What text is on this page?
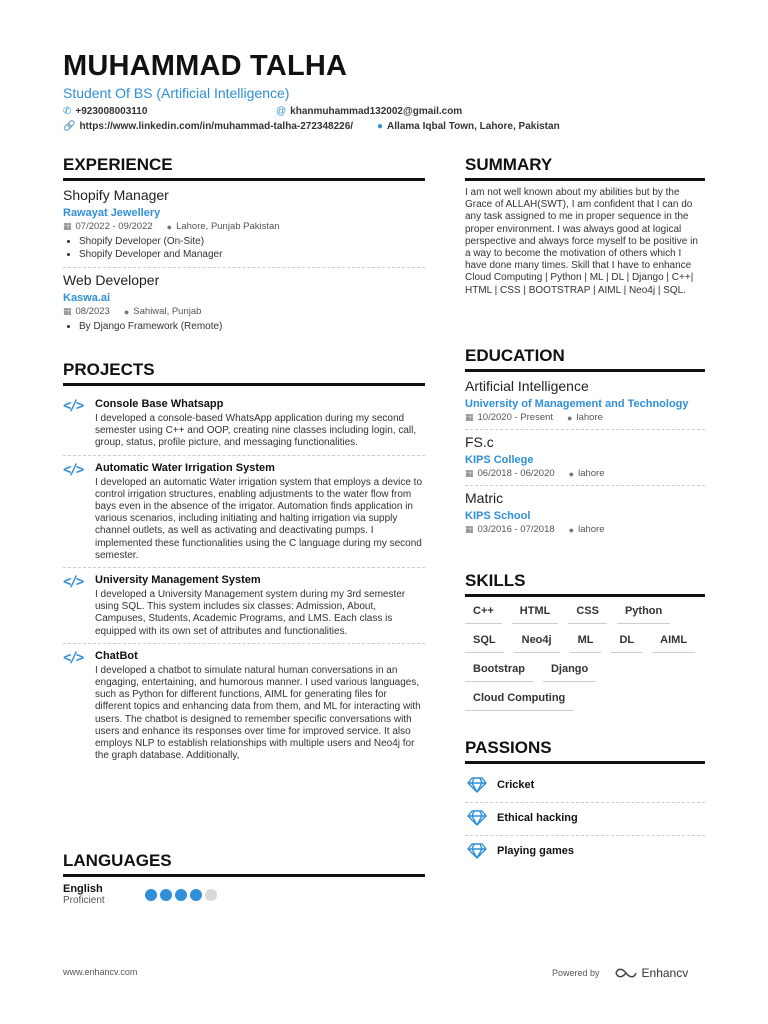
MUHAMMAD TALHA
Student Of BS (Artificial Intelligence)
✆ +923008003110	@ khanmuhammad132002@gmail.com
🔗 https://www.linkedin.com/in/muhammad-talha-272348226/ ● Allama Iqbal Town, Lahore, Pakistan
EXPERIENCE
Shopify Manager
Rawayat Jewellery
▦ 07/2022 - 09/2022 ● Lahore, Punjab Pakistan
• Shopify Developer (On-Site)
• Shopify Developer and Manager
Web Developer
Kaswa.ai
▦ 08/2023 ● Sahiwal, Punjab
• By Django Framework (Remote)
PROJECTS
</> Console Base Whatsapp
I developed a console-based WhatsApp application during my second semester using C++ and OOP, creating nine classes including login, call, group, status, profile picture, and messaging functionalities.
</> Automatic Water Irrigation System
I developed an automatic Water irrigation system that employs a device to control irrigation structures, enabling adjustments to the water flow from bays even in the absence of the irrigator. Automation finds application in various scenarios, including initiating and halting irrigation via supply channel outlets, as well as activating and deactivating pumps. I implemented these functionalities using the C language during my second semester.
</> University Management System
I developed a University Management system during my 3rd semester using SQL. This system includes six classes: Admission, About, Campuses, Students, Academic Programs, and LMS. Each class is equipped with its own set of attributes and functionalities.
</> ChatBot
I developed a chatbot to simulate natural human conversations in an engaging, entertaining, and humorous manner. I used various languages, such as Python for different functions, AIML for generating files for different topics and enhancing data from them, and ML for interacting with users. The chatbot is designed to remember specific conversations with users and enhance its responses over time for improved service. It also employs NLP to establish relationships with multiple users and Neo4j for the graph database. Additionally,
LANGUAGES
English
Proficient
SUMMARY
I am not well known about my abilities but by the Grace of ALLAH(SWT), I am confident that I can do any task assigned to me in proper sequence in the proper environment. I was always good at logical perspective and always force myself to be positive in a way to become the motivation of others which I have done many times. Skill that I have to enhance Cloud Computing | Python | ML | DL | Django | C++| HTML | CSS | BOOTSTRAP | AIML | Neo4j | SQL.
EDUCATION
Artificial Intelligence
University of Management and Technology
▦ 10/2020 - Present ● lahore
FS.c
KIPS College
▦ 06/2018 - 06/2020 ● lahore
Matric
KIPS School
▦ 03/2016 - 07/2018 ● lahore
SKILLS
C++	HTML	CSS	Python
SQL	Neo4j	ML	DL	AIML
Bootstrap	Django
Cloud Computing
PASSIONS
Cricket
Ethical hacking
Playing games
www.enhancv.com	Powered by	Enhancv
